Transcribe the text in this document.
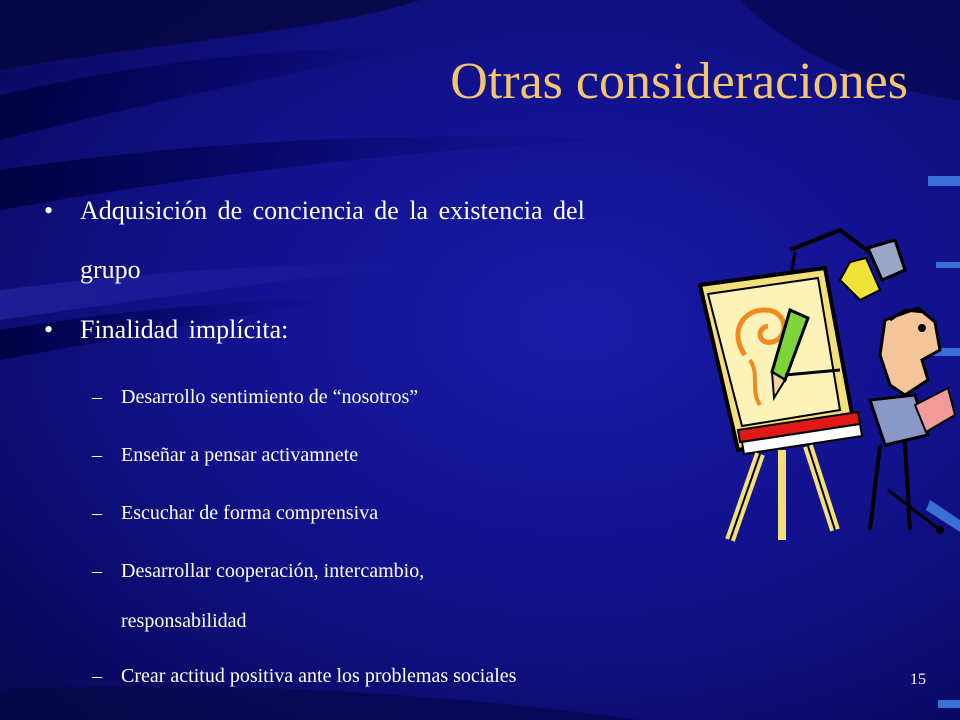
Otras consideraciones
• Adquisición de conciencia de la existencia del
grupo
• Finalidad implícita:
– Desarrollo sentimiento de “nosotros”
– Enseñar a pensar activamnete
– Escuchar de forma comprensiva
– Desarrollar cooperación, intercambio,
responsabilidad
– Crear actitud positiva ante los problemas sociales	15
